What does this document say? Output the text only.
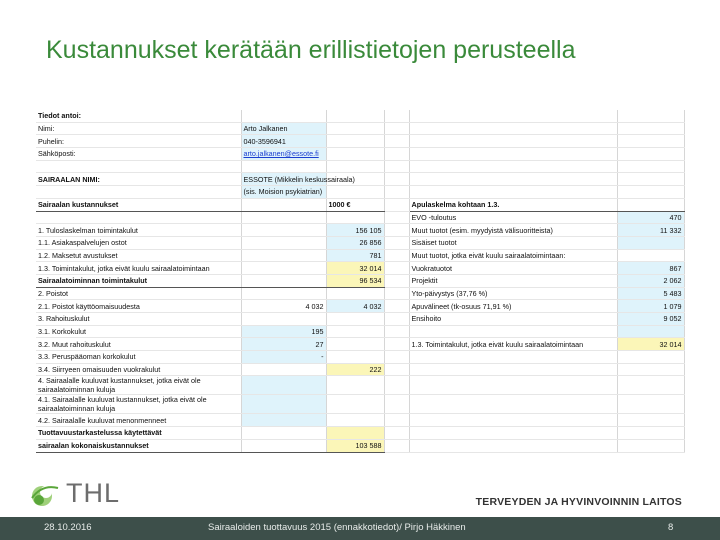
Kustannukset kerätään erillistietojen perusteella
Tiedot antoi:						
Nimi:		Arto Jalkanen				
Puhelin:		040-3596941				
Sähköposti:		arto.jalkanen@essote.fi				

SAIRAALAN NIMI:		ESSOTE (Mikkelin keskussairaala)				
		(sis. Moision psykiatrian)				
Sairaalan kustannukset			1000 €		Apulaskelma kohtaan 1.3.	
					EVO -tuloutus	470
1. Tuloslaskelman toimintakulut			156 105		Muut tuotot (esim. myydyistä välisuoritteista)	11 332
1.1. Asiakaspalvelujen ostot			26 856		Sisäiset tuotot	
1.2. Maksetut avustukset			781		Muut tuotot, jotka eivät kuulu sairaalatoimintaan:	
1.3. Toimintakulut, jotka eivät kuulu sairaalatoimintaan			32 014		Vuokratuotot	867
Sairaalatoiminnan toimintakulut			96 534		Projektit	2 062
2. Poistot					Yto-päivystys (37,76 %)	5 483
2.1. Poistot käyttöomaisuudesta		4 032	4 032		Apuvälineet (tk-osuus 71,91 %)	1 079
3. Rahoituskulut					Ensihoito	9 052
3.1. Korkokulut		195				
3.2. Muut rahoituskulut		27			1.3. Toimintakulut, jotka eivät kuulu sairaalatoimintaan	32 014
3.3. Peruspääoman korkokulut		-				
3.4. Siirryeen omaisuuden vuokrakulut			222			
4. Sairaalalle kuuluvat kustannukset, jotka eivät ole sairaalatoiminnan kuluja						
4.1. Sairaalalle kuuluvat kustannukset, jotka eivät ole sairaalatoiminnan kuluja						
4.2. Sairaalalle kuuluvat menonmenneet						
Tuottavuustarkastelussa käytettävät						
sairaalan kokonaiskustannukset			103 588			
THL	TERVEYDEN JA HYVINVOINNIN LAITOS
28.10.2016	Sairaaloiden tuottavuus 2015 (ennakkotiedot)/ Pirjo Häkkinen	8
